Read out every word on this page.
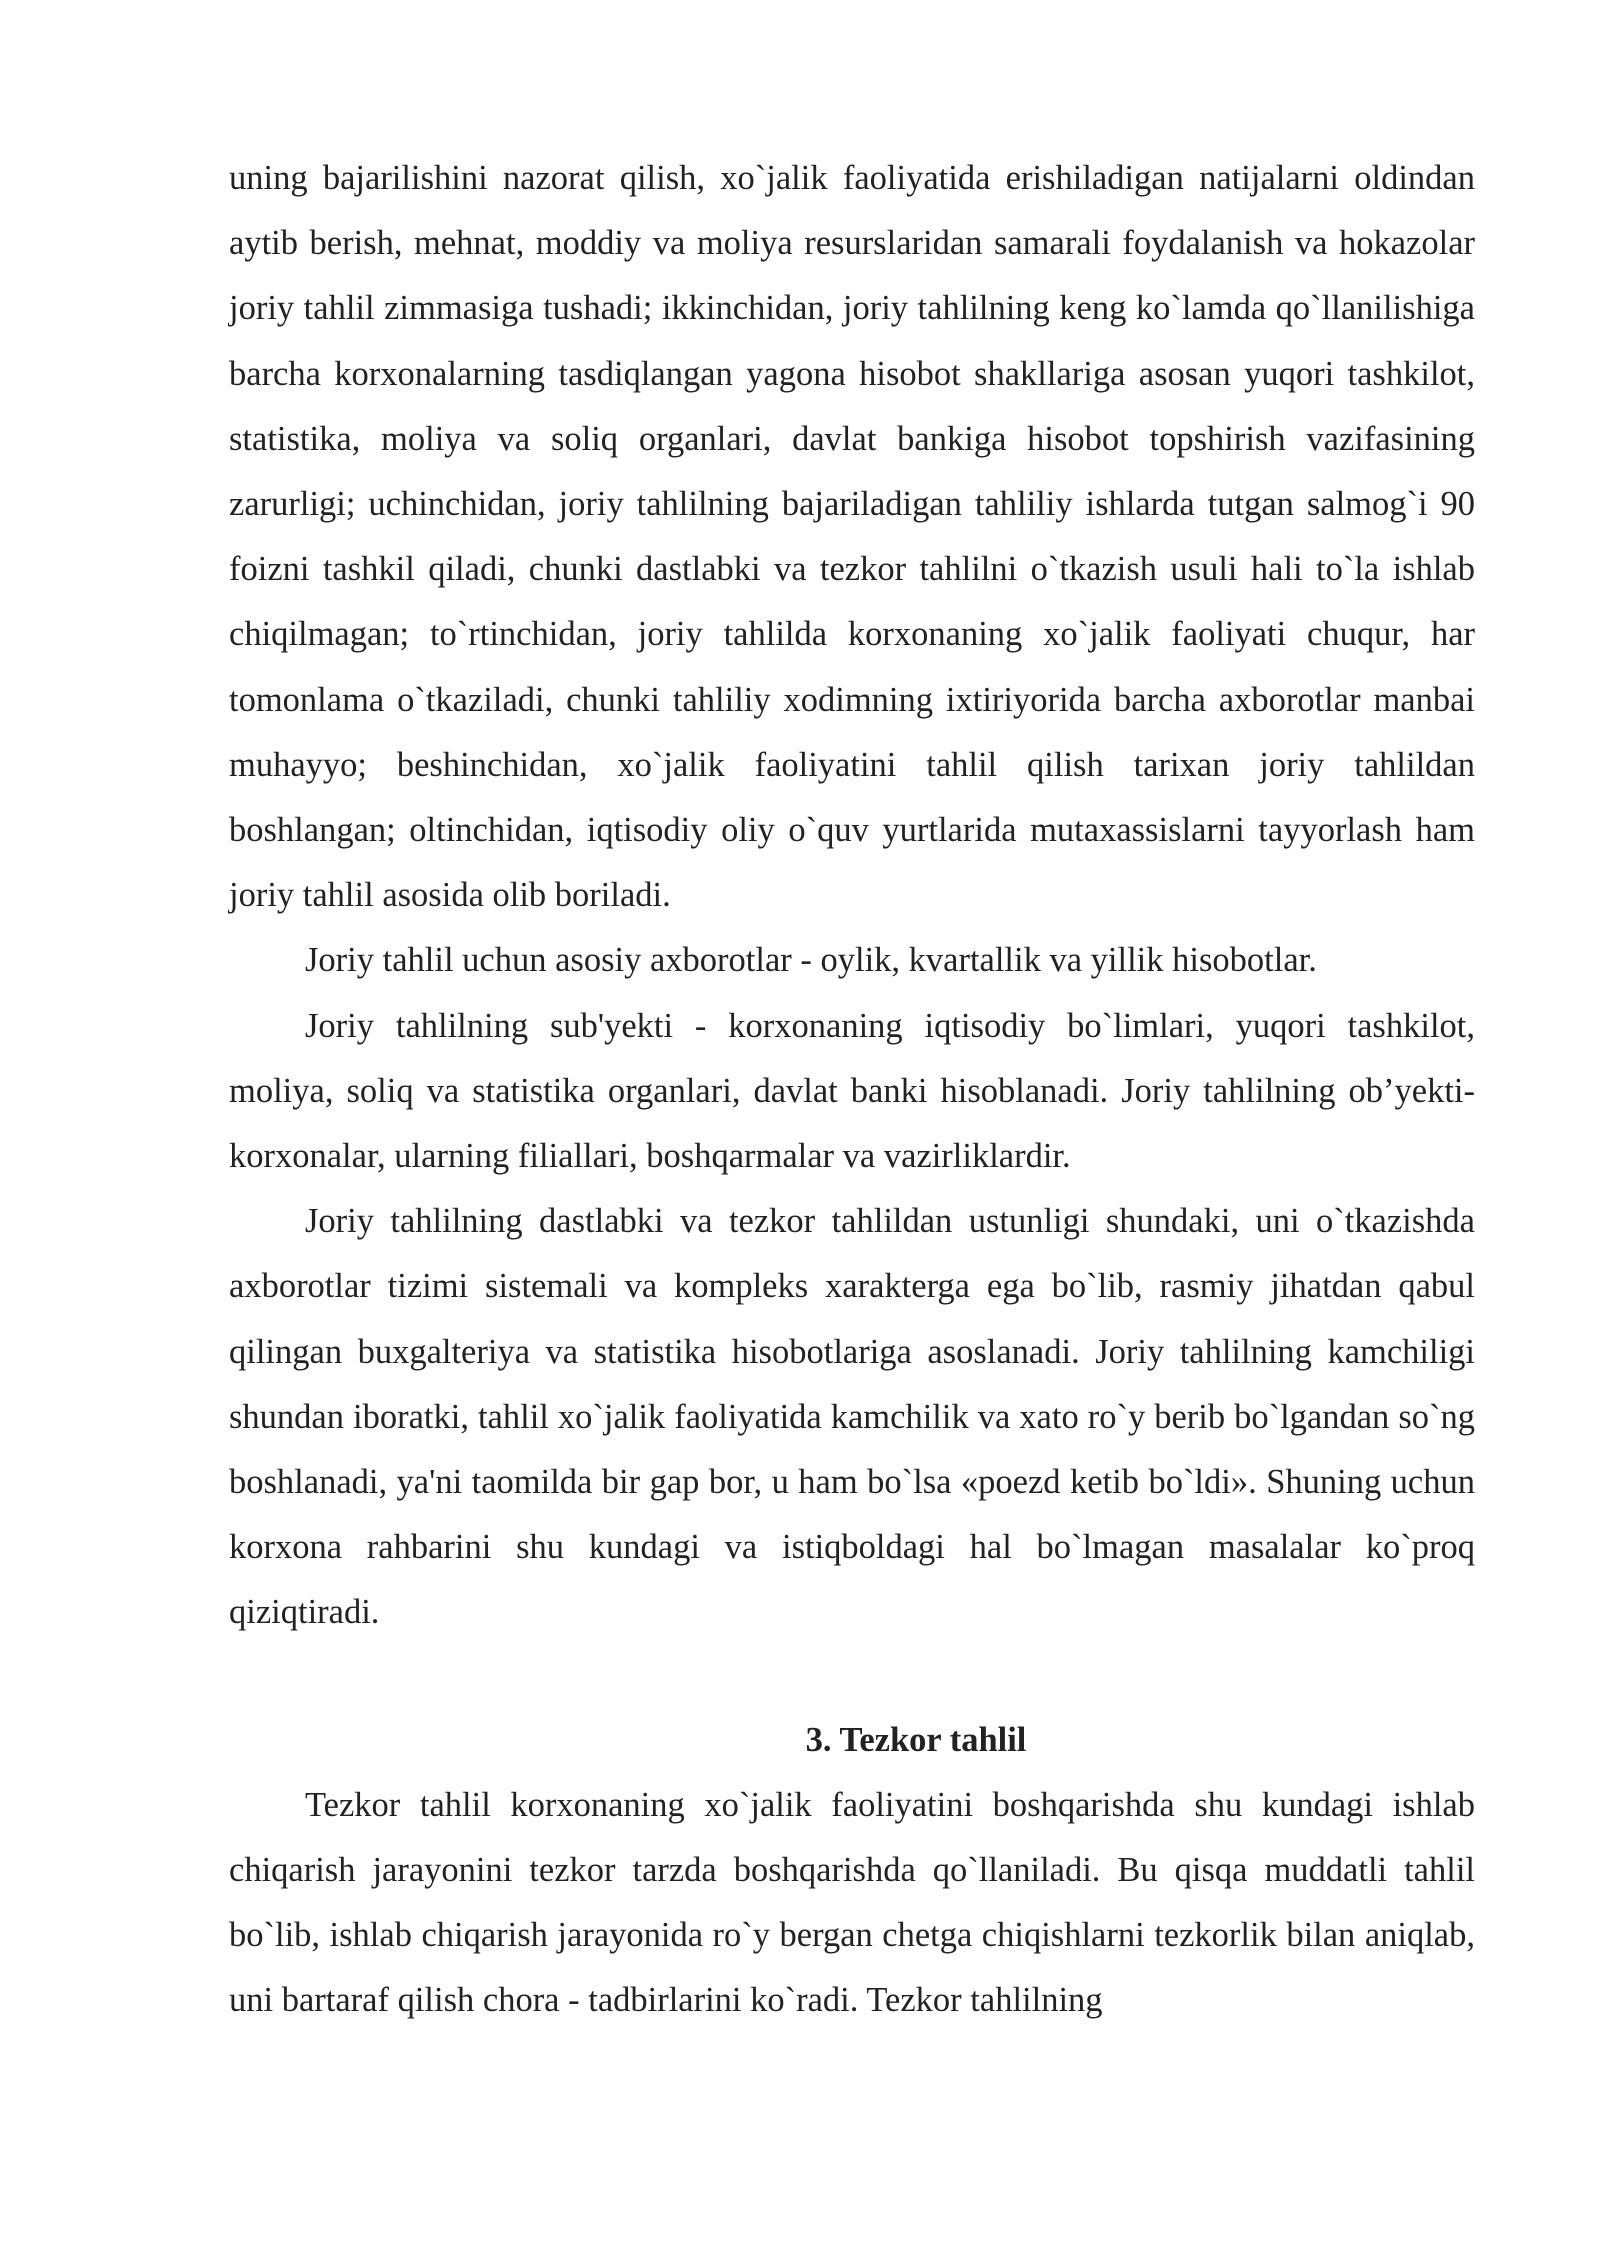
uning bajarilishini nazorat qilish, xo`jalik faoliyatida erishiladigan natijalarni oldindan aytib berish, mehnat, moddiy va moliya resurslaridan samarali foydalanish va hokazolar joriy tahlil zimmasiga tushadi; ikkinchidan, joriy tahlilning keng ko`lamda qo`llanilishiga barcha korxonalarning tasdiqlangan yagona hisobot shakllariga asosan yuqori tashkilot, statistika, moliya va soliq organlari, davlat bankiga hisobot topshirish vazifasining zarurligi; uchinchidan, joriy tahlilning bajariladigan tahliliy ishlarda tutgan salmog`i 90 foizni tashkil qiladi, chunki dastlabki va tezkor tahlilni o`tkazish usuli hali to`la ishlab chiqilmagan; to`rtinchidan, joriy tahlilda korxonaning xo`jalik faoliyati chuqur, har tomonlama o`tkaziladi, chunki tahliliy xodimning ixtiriyorida barcha axborotlar manbai muhayyo; beshinchidan, xo`jalik faoliyatini tahlil qilish tarixan joriy tahlildan boshlangan; oltinchidan, iqtisodiy oliy o`quv yurtlarida mutaxassislarni tayyorlash ham joriy tahlil asosida olib boriladi.

Joriy tahlil uchun asosiy axborotlar - oylik, kvartallik va yillik hisobotlar.

Joriy tahlilning sub'yekti - korxonaning iqtisodiy bo`limlari, yuqori tashkilot, moliya, soliq va statistika organlari, davlat banki hisoblanadi. Joriy tahlilning ob’yekti-korxonalar, ularning filiallari, boshqarmalar va vazirliklardir.

Joriy tahlilning dastlabki va tezkor tahlildan ustunligi shundaki, uni o`tkazishda axborotlar tizimi sistemali va kompleks xarakterga ega bo`lib, rasmiy jihatdan qabul qilingan buxgalteriya va statistika hisobotlariga asoslanadi. Joriy tahlilning kamchiligi shundan iboratki, tahlil xo`jalik faoliyatida kamchilik va xato ro`y berib bo`lgandan so`ng boshlanadi, ya'ni taomilda bir gap bor, u ham bo`lsa «poezd ketib bo`ldi». Shuning uchun korxona rahbarini shu kundagi va istiqboldagi hal bo`lmagan masalalar ko`proq qiziqtiradi.

3. Tezkor tahlil

Tezkor tahlil korxonaning xo`jalik faoliyatini boshqarishda shu kundagi ishlab chiqarish jarayonini tezkor tarzda boshqarishda qo`llaniladi. Bu qisqa muddatli tahlil bo`lib, ishlab chiqarish jarayonida ro`y bergan chetga chiqishlarni tezkorlik bilan aniqlab, uni bartaraf qilish chora - tadbirlarini ko`radi. Tezkor tahlilning
